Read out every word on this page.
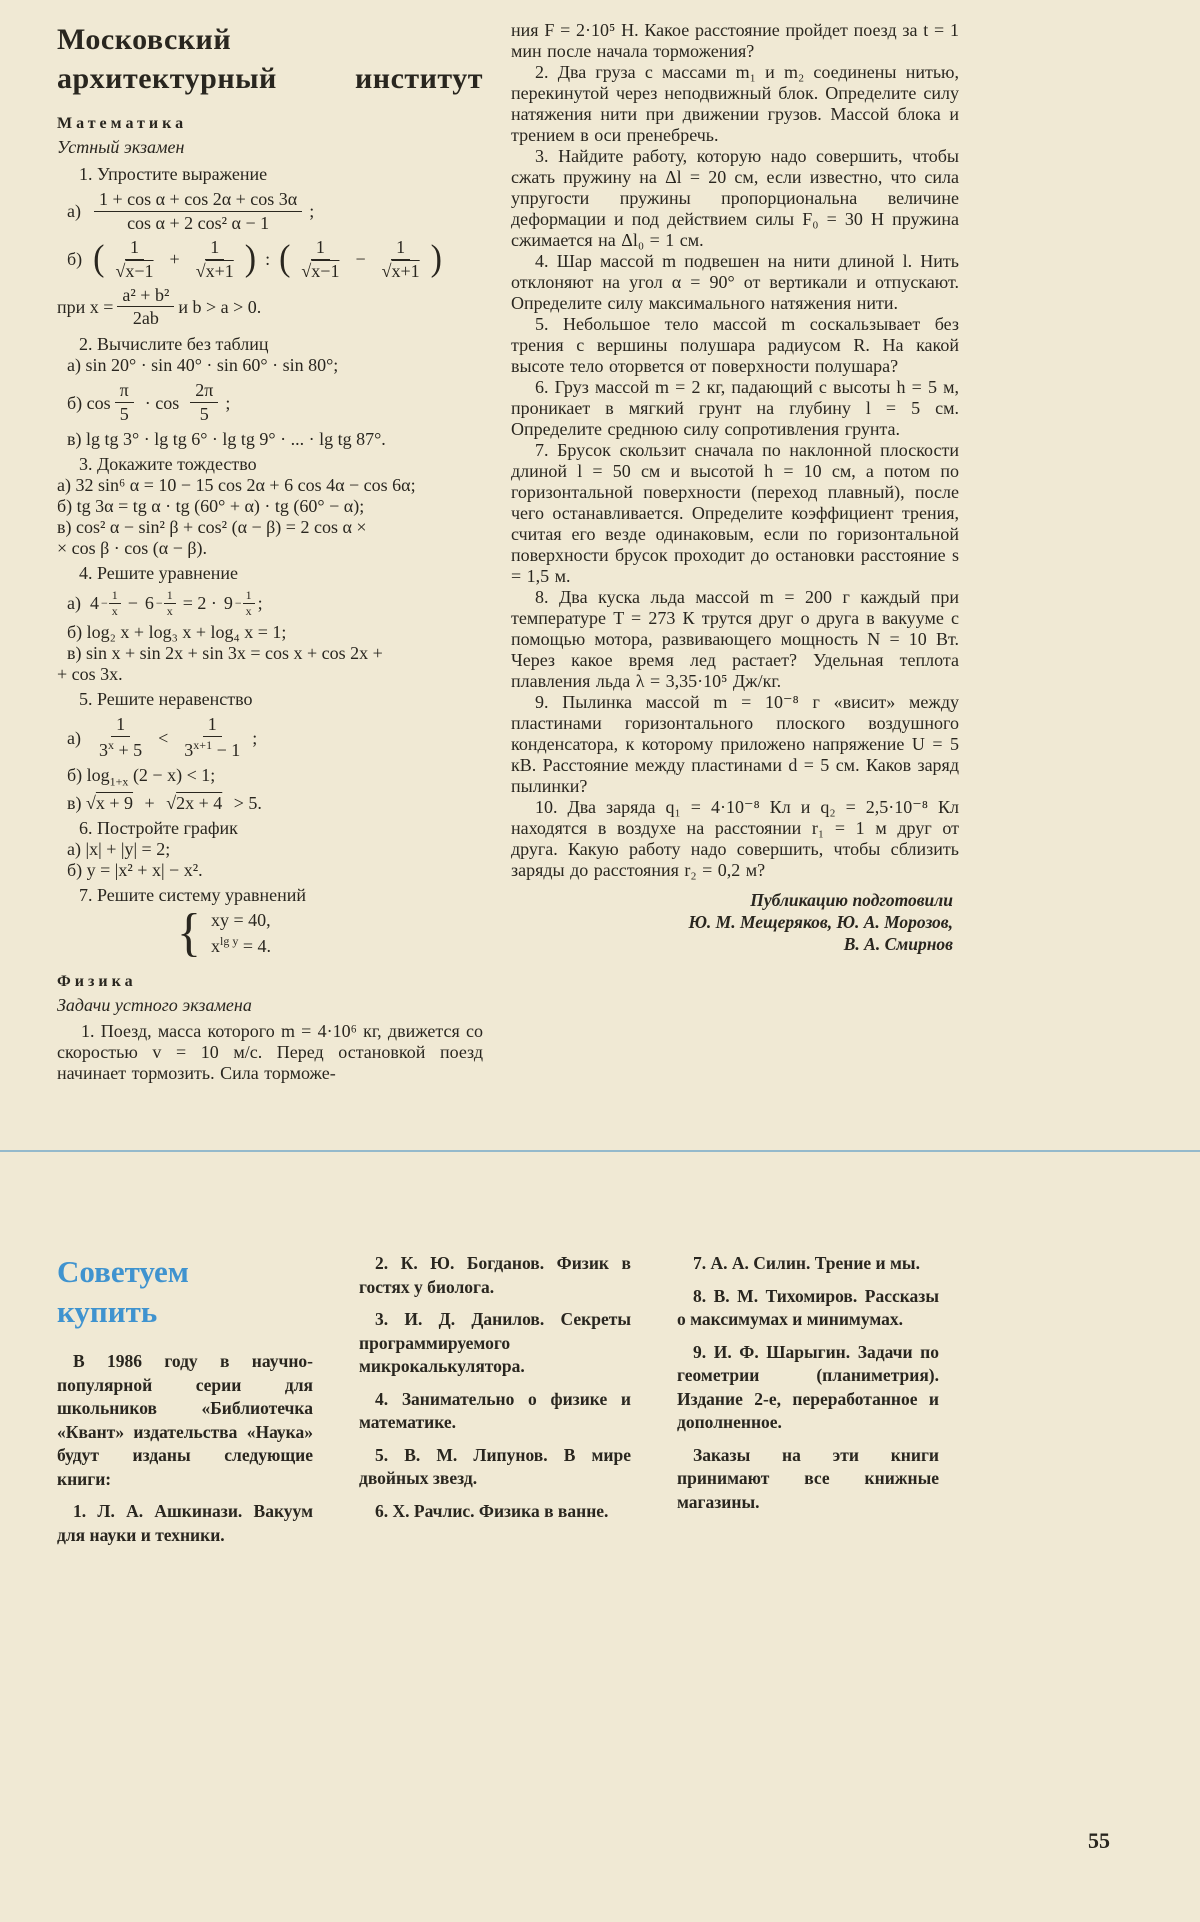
Московский
архитектурный	институт
Математика
Устный экзамен
1. Упростите выражение
а)
1 + cos α + cos 2α + cos 3α
cos α + 2 cos² α − 1
;
б) ( 1
√x−1
+ $\frac{1}{√x+1}$ ) : ( 1
√x−1
− $\frac{1}{√x+1}$ )
при $x = \frac{\text{a² + b²}}{2ab}$ и b > a > 0.
2. Вычислите без таблиц
а) sin 20° · sin 40° · sin 60° · sin 80°;
б) cos
π
5
· cos
2π
5
;
в) lg tg 3° · lg tg 6° · lg tg 9° · ... · lg tg 87°.
3. Докажите тождество
а) 32 sin⁶ α = 10 − 15 cos 2α + 6 cos 4α − cos 6α;
б) tg 3α = tg α · tg (60° + α) · tg (60° − α);
в) cos² α − sin² β + cos² (α − β) = 2 cos α ×
× cos β · cos (α − β).
4. Решите уравнение
а) $4 - \frac{1}{x} - 6 - \frac{1}{x} = 2 \cdot 9 - \frac{1}{x}$ ;
б) log₂ x + log₃ x + log₄ x = 1;
в) sin x + sin 2x + sin 3x = cos x + cos 2x +
+ cos 3x.
5. Решите неравенство
а)
1
$3^x + 5$
<
1
$3^{x+1} - 1$
;
б) $\log_{1+x} (2 - x) < 1$;
в) √x + 9 + √2x + 4 > 5.
6. Постройте график
а) |x| + |y| = 2;
б) y = |x² + x| − x².
7. Решите систему уравнений
{ xy = 40,
$x^{lg y} = 4$.
Физика
Задачи устного экзамена
1. Поезд, масса которого m = 4·10⁶ кг, движется со скоростью v = 10 м/с. Перед остановкой поезд начинает тормозить. Сила торможе-
ния F = 2·10⁵ Н. Какое расстояние пройдет поезд за t = 1 мин после начала торможения?
2. Два груза с массами m₁ и m₂ соединены нитью, перекинутой через неподвижный блок. Определите силу натяжения нити при движении грузов. Массой блока и трением в оси пренебречь.
3. Найдите работу, которую надо совершить, чтобы сжать пружину на Δl = 20 см, если известно, что сила упругости пружины пропорциональна величине деформации и под действием силы F₀ = 30 Н пружина сжимается на Δl₀ = 1 см.
4. Шар массой m подвешен на нити длиной l. Нить отклоняют на угол α = 90° от вертикали и отпускают. Определите силу максимального натяжения нити.
5. Небольшое тело массой m соскальзывает без трения с вершины полушара радиусом R. На какой высоте тело оторвется от поверхности полушара?
6. Груз массой m = 2 кг, падающий с высоты h = 5 м, проникает в мягкий грунт на глубину l = 5 см. Определите среднюю силу сопротивления грунта.
7. Брусок скользит сначала по наклонной плоскости длиной l = 50 см и высотой h = 10 см, а потом по горизонтальной поверхности (переход плавный), после чего останавливается. Определите коэффициент трения, считая его везде одинаковым, если по горизонтальной поверхности брусок проходит до остановки расстояние s = 1,5 м.
8. Два куска льда массой m = 200 г каждый при температуре T = 273 К трутся друг о друга в вакууме с помощью мотора, развивающего мощность N = 10 Вт. Через какое время лед растает? Удельная теплота плавления льда λ = 3,35·10⁵ Дж/кг.
9. Пылинка массой m = 10⁻⁸ г «висит» между пластинами горизонтального плоского воздушного конденсатора, к которому приложено напряжение U = 5 кВ. Расстояние между пластинами d = 5 см. Каков заряд пылинки?
10. Два заряда q₁ = 4·10⁻⁸ Кл и q₂ = 2,5·10⁻⁸ Кл находятся в воздухе на расстоянии r₁ = 1 м друг от друга. Какую работу надо совершить, чтобы сблизить заряды до расстояния r₂ = 0,2 м?
Публикацию подготовили
Ю. М. Мещеряков, Ю. А. Морозов,
В. А. Смирнов
Советуем
купить
В 1986 году в научно-популярной серии для школьников «Библиотечка «Квант» издательства «Наука» будут изданы следующие книги:
1. Л. А. Ашкинази. Вакуум для науки и техники.
2. К. Ю. Богданов. Физик в гостях у биолога.
3. И. Д. Данилов. Секреты программируемого микрокалькулятора.
4. Занимательно о физике и математике.
5. В. М. Липунов. В мире двойных звезд.
6. Х. Рачлис. Физика в ванне.
7. А. А. Силин. Трение и мы.
8. В. М. Тихомиров. Рассказы о максимумах и минимумах.
9. И. Ф. Шарыгин. Задачи по геометрии (планиметрия). Издание 2-е, переработанное и дополненное.
Заказы на эти книги принимают все книжные магазины.
55
